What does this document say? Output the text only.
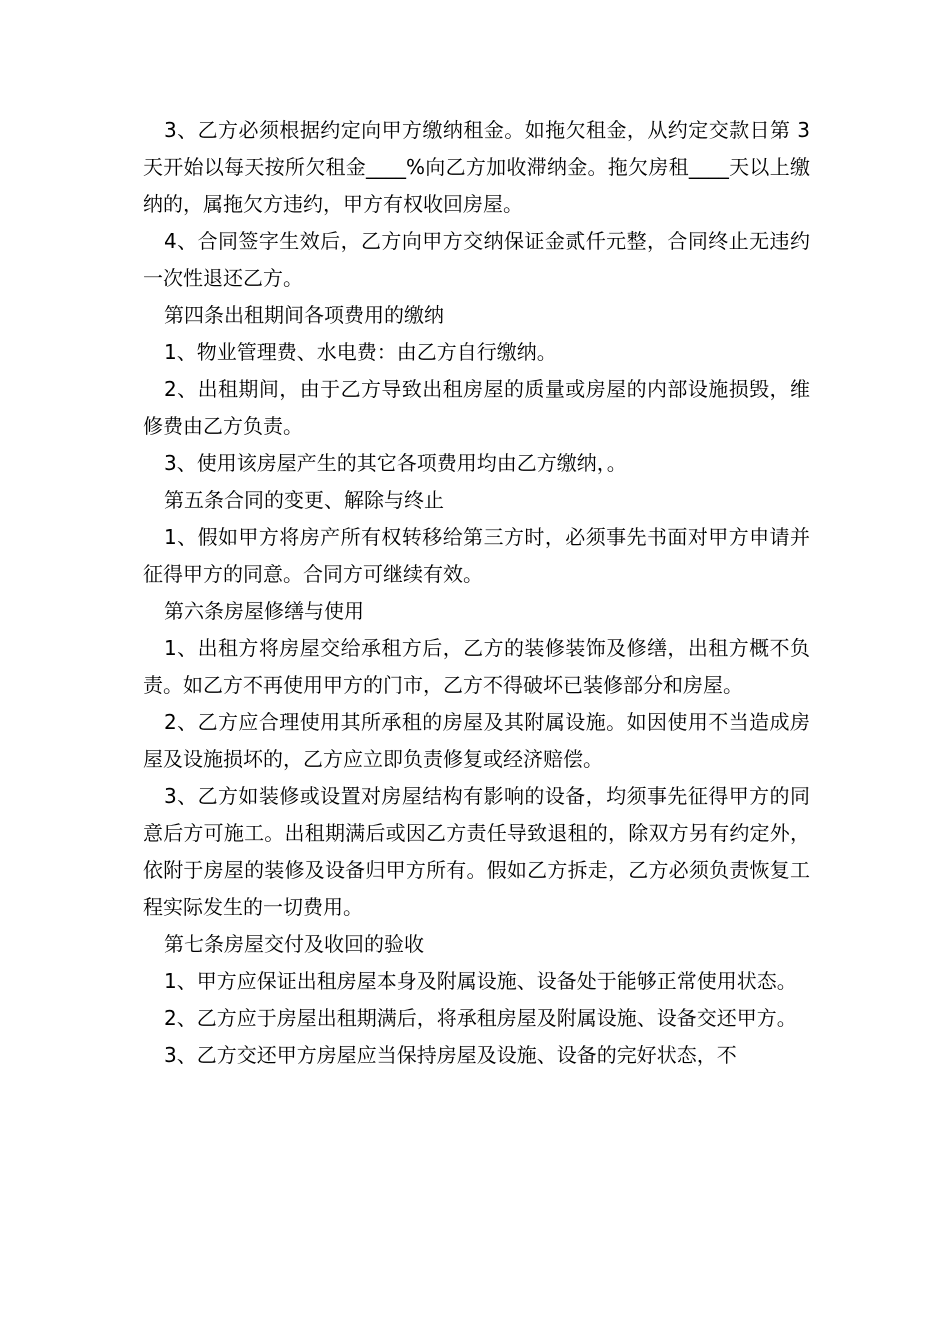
3、乙方必须根据约定向甲方缴纳租金。如拖欠租金，从约定交款日第 3 天开始以每天按所欠租金____%向乙方加收滞纳金。拖欠房租____天以上缴纳的，属拖欠方违约，甲方有权收回房屋。

4、合同签字生效后，乙方向甲方交纳保证金贰仟元整，合同终止无违约一次性退还乙方。

第四条出租期间各项费用的缴纳

1、物业管理费、水电费：由乙方自行缴纳。

2、出租期间，由于乙方导致出租房屋的质量或房屋的内部设施损毁，维修费由乙方负责。

3、使用该房屋产生的其它各项费用均由乙方缴纳，。

第五条合同的变更、解除与终止

1、假如甲方将房产所有权转移给第三方时，必须事先书面对甲方申请并征得甲方的同意。合同方可继续有效。

第六条房屋修缮与使用

1、出租方将房屋交给承租方后，乙方的装修装饰及修缮，出租方概不负责。如乙方不再使用甲方的门市，乙方不得破坏已装修部分和房屋。

2、乙方应合理使用其所承租的房屋及其附属设施。如因使用不当造成房屋及设施损坏的，乙方应立即负责修复或经济赔偿。

3、乙方如装修或设置对房屋结构有影响的设备，均须事先征得甲方的同意后方可施工。出租期满后或因乙方责任导致退租的，除双方另有约定外，依附于房屋的装修及设备归甲方所有。假如乙方拆走，乙方必须负责恢复工程实际发生的一切费用。

第七条房屋交付及收回的验收

1、甲方应保证出租房屋本身及附属设施、设备处于能够正常使用状态。

2、乙方应于房屋出租期满后，将承租房屋及附属设施、设备交还甲方。

3、乙方交还甲方房屋应当保持房屋及设施、设备的完好状态，不
